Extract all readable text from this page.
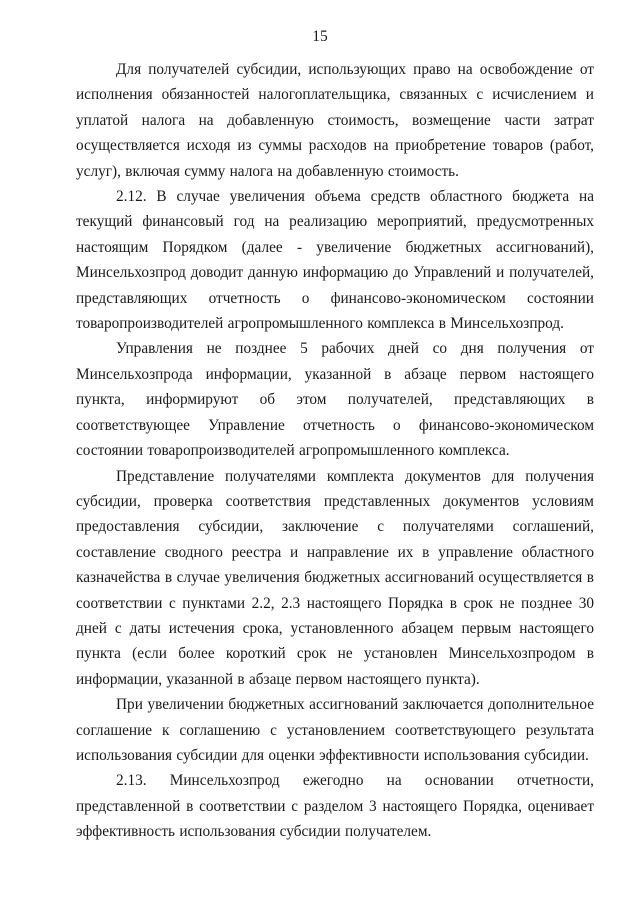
15

Для получателей субсидии, использующих право на освобождение от исполнения обязанностей налогоплательщика, связанных с исчислением и уплатой налога на добавленную стоимость, возмещение части затрат осуществляется исходя из суммы расходов на приобретение товаров (работ, услуг), включая сумму налога на добавленную стоимость.

2.12. В случае увеличения объема средств областного бюджета на текущий финансовый год на реализацию мероприятий, предусмотренных настоящим Порядком (далее - увеличение бюджетных ассигнований), Минсельхозпрод доводит данную информацию до Управлений и получателей, представляющих отчетность о финансово-экономическом состоянии товаропроизводителей агропромышленного комплекса в Минсельхозпрод.

Управления не позднее 5 рабочих дней со дня получения от Минсельхозпрода информации, указанной в абзаце первом настоящего пункта, информируют об этом получателей, представляющих в соответствующее Управление отчетность о финансово-экономическом состоянии товаропроизводителей агропромышленного комплекса.

Представление получателями комплекта документов для получения субсидии, проверка соответствия представленных документов условиям предоставления субсидии, заключение с получателями соглашений, составление сводного реестра и направление их в управление областного казначейства в случае увеличения бюджетных ассигнований осуществляется в соответствии с пунктами 2.2, 2.3 настоящего Порядка в срок не позднее 30 дней с даты истечения срока, установленного абзацем первым настоящего пункта (если более короткий срок не установлен Минсельхозпродом в информации, указанной в абзаце первом настоящего пункта).

При увеличении бюджетных ассигнований заключается дополнительное соглашение к соглашению с установлением соответствующего результата использования субсидии для оценки эффективности использования субсидии.

2.13. Минсельхозпрод ежегодно на основании отчетности, представленной в соответствии с разделом 3 настоящего Порядка, оценивает эффективность использования субсидии получателем.
